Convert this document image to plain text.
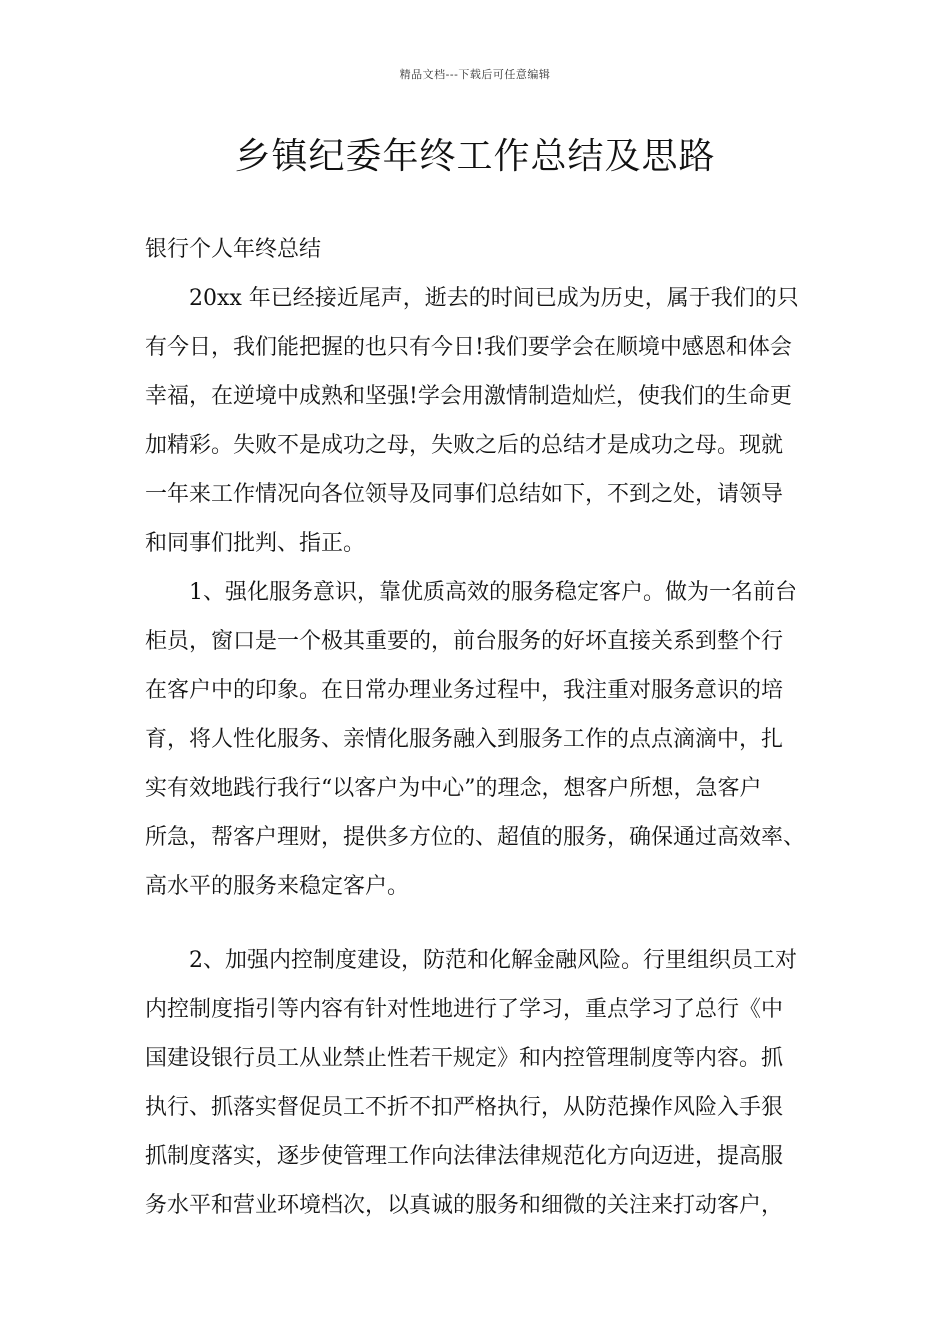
精品文档---下载后可任意编辑
乡镇纪委年终工作总结及思路
银行个人年终总结
20xx 年已经接近尾声，逝去的时间已成为历史，属于我们的只
有今日，我们能把握的也只有今日!我们要学会在顺境中感恩和体会
幸福，在逆境中成熟和坚强!学会用激情制造灿烂，使我们的生命更
加精彩。失败不是成功之母，失败之后的总结才是成功之母。现就
一年来工作情况向各位领导及同事们总结如下，不到之处，请领导
和同事们批判、指正。
1、强化服务意识，靠优质高效的服务稳定客户。做为一名前台
柜员，窗口是一个极其重要的，前台服务的好坏直接关系到整个行
在客户中的印象。在日常办理业务过程中，我注重对服务意识的培
育，将人性化服务、亲情化服务融入到服务工作的点点滴滴中，扎
实有效地践行我行“以客户为中心”的理念，想客户所想，急客户
所急，帮客户理财，提供多方位的、超值的服务，确保通过高效率、
高水平的服务来稳定客户。
2、加强内控制度建设，防范和化解金融风险。行里组织员工对
内控制度指引等内容有针对性地进行了学习，重点学习了总行《中
国建设银行员工从业禁止性若干规定》和内控管理制度等内容。抓
执行、抓落实督促员工不折不扣严格执行，从防范操作风险入手狠
抓制度落实，逐步使管理工作向法律法律规范化方向迈进，提高服
务水平和营业环境档次，以真诚的服务和细微的关注来打动客户，
